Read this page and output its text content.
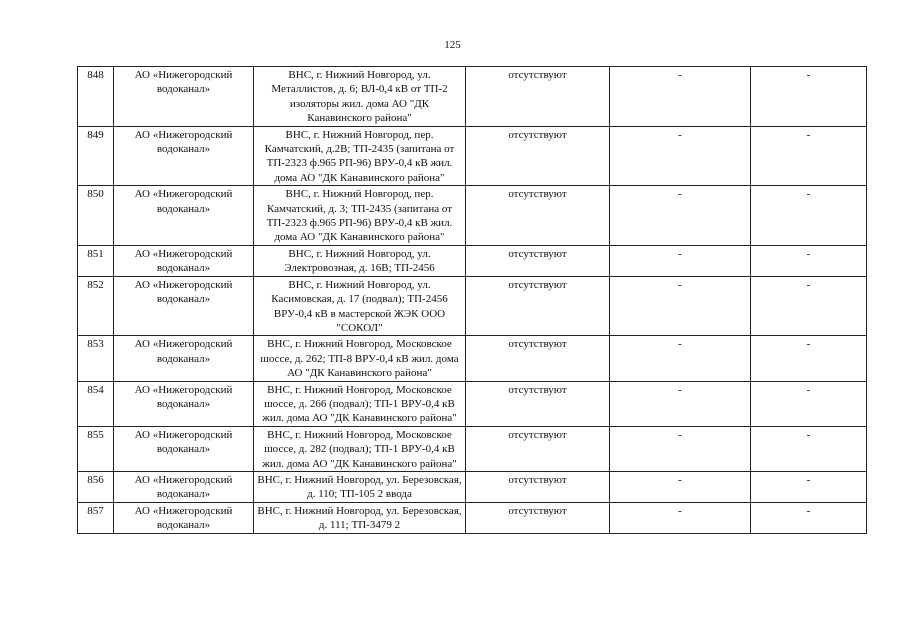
125
848	АО «Нижегородский водоканал»	ВНС, г. Нижний Новгород, ул. Металлистов, д. 6; ВЛ-0,4 кВ от ТП-2 изоляторы жил. дома АО "ДК Канавинского района"	отсутствуют	-	-
849	АО «Нижегородский водоканал»	ВНС, г. Нижний Новгород, пер. Камчатский, д.2В; ТП-2435 (запитана от ТП-2323 ф.965 РП-96) ВРУ-0,4 кВ жил. дома АО "ДК Канавинского района"	отсутствуют	-	-
850	АО «Нижегородский водоканал»	ВНС, г. Нижний Новгород, пер. Камчатский, д. 3; ТП-2435 (запитана от ТП-2323 ф.965 РП-96) ВРУ-0,4 кВ жил. дома АО "ДК Канавинского района"	отсутствуют	-	-
851	АО «Нижегородский водоканал»	ВНС, г. Нижний Новгород, ул. Электровозная, д. 16В; ТП-2456	отсутствуют	-	-
852	АО «Нижегородский водоканал»	ВНС, г. Нижний Новгород, ул. Касимовская, д. 17 (подвал); ТП-2456 ВРУ-0,4 кВ в мастерской ЖЭК ООО "СОКОЛ"	отсутствуют	-	-
853	АО «Нижегородский водоканал»	ВНС, г. Нижний Новгород, Московское шоссе, д. 262; ТП-8 ВРУ-0,4 кВ жил. дома АО "ДК Канавинского района"	отсутствуют	-	-
854	АО «Нижегородский водоканал»	ВНС, г. Нижний Новгород, Московское шоссе, д. 266 (подвал); ТП-1 ВРУ-0,4 кВ жил. дома АО "ДК Канавинского района"	отсутствуют	-	-
855	АО «Нижегородский водоканал»	ВНС, г. Нижний Новгород, Московское шоссе, д. 282 (подвал); ТП-1 ВРУ-0,4 кВ жил. дома АО "ДК Канавинского района"	отсутствуют	-	-
856	АО «Нижегородский водоканал»	ВНС, г. Нижний Новгород, ул. Березовская, д. 110; ТП-105 2 ввода	отсутствуют	-	-
857	АО «Нижегородский водоканал»	ВНС, г. Нижний Новгород, ул. Березовская, д. 111; ТП-3479 2	отсутствуют	-	-
